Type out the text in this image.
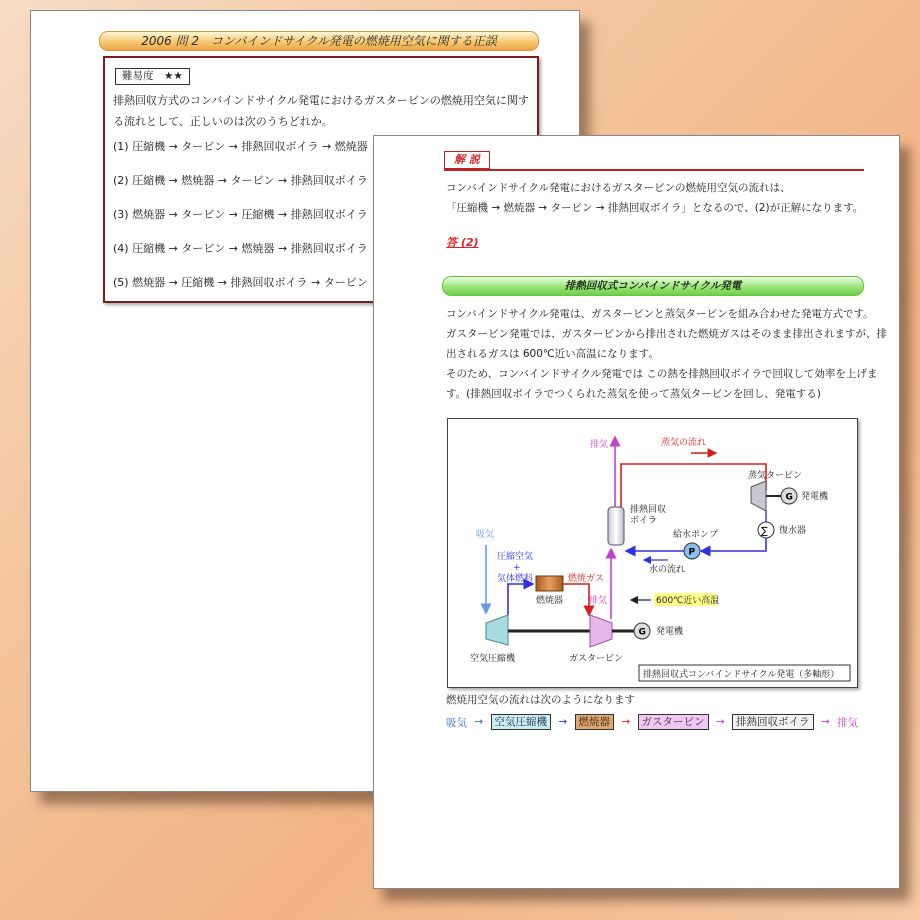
2006 問 2　コンバインドサイクル発電の燃焼用空気に関する正誤
難易度　★★
排熱回収方式のコンバインドサイクル発電におけるガスタービンの燃焼用空気に関す
る流れとして、正しいのは次のうちどれか。
(1) 圧縮機 → タービン → 排熱回収ボイラ → 燃焼器
(2) 圧縮機 → 燃焼器 → タービン → 排熱回収ボイラ
(3) 燃焼器 → タービン → 圧縮機 → 排熱回収ボイラ
(4) 圧縮機 → タービン → 燃焼器 → 排熱回収ボイラ
(5) 燃焼器 → 圧縮機 → 排熱回収ボイラ → タービン
解 説
コンバインドサイクル発電におけるガスタービンの燃焼用空気の流れは、
「圧縮機 → 燃焼器 → タービン → 排熱回収ボイラ」となるので、(2)が正解になります。
答 (2)
排熱回収式コンバインドサイクル発電
コンバインドサイクル発電は、ガスタービンと蒸気タービンを組み合わせた発電方式です。
ガスタービン発電では、ガスタービンから排出された燃焼ガスはそのまま排出されますが、排
出されるガスは 600℃近い高温になります。
そのため、コンバインドサイクル発電では この熱を排熱回収ボイラで回収して効率を上げま
す。(排熱回収ボイラでつくられた蒸気を使って蒸気タービンを回し、発電する)
排気	蒸気の流れ
蒸気タービン
G 発電機
∑ 復水器
P
給水ポンプ
水の流れ
排熱回収
ボイラ
吸気
圧縮空気
+
気体燃料
燃焼器
燃焼ガス
排気	600℃近い高温
G 発電機
空気圧縮機	ガスタービン
排熱回収式コンバインドサイクル発電（多軸形）
燃焼用空気の流れは次のようになります
吸気 → 空気圧縮機 → 燃焼器 → ガスタービン → 排熱回収ボイラ → 排気
